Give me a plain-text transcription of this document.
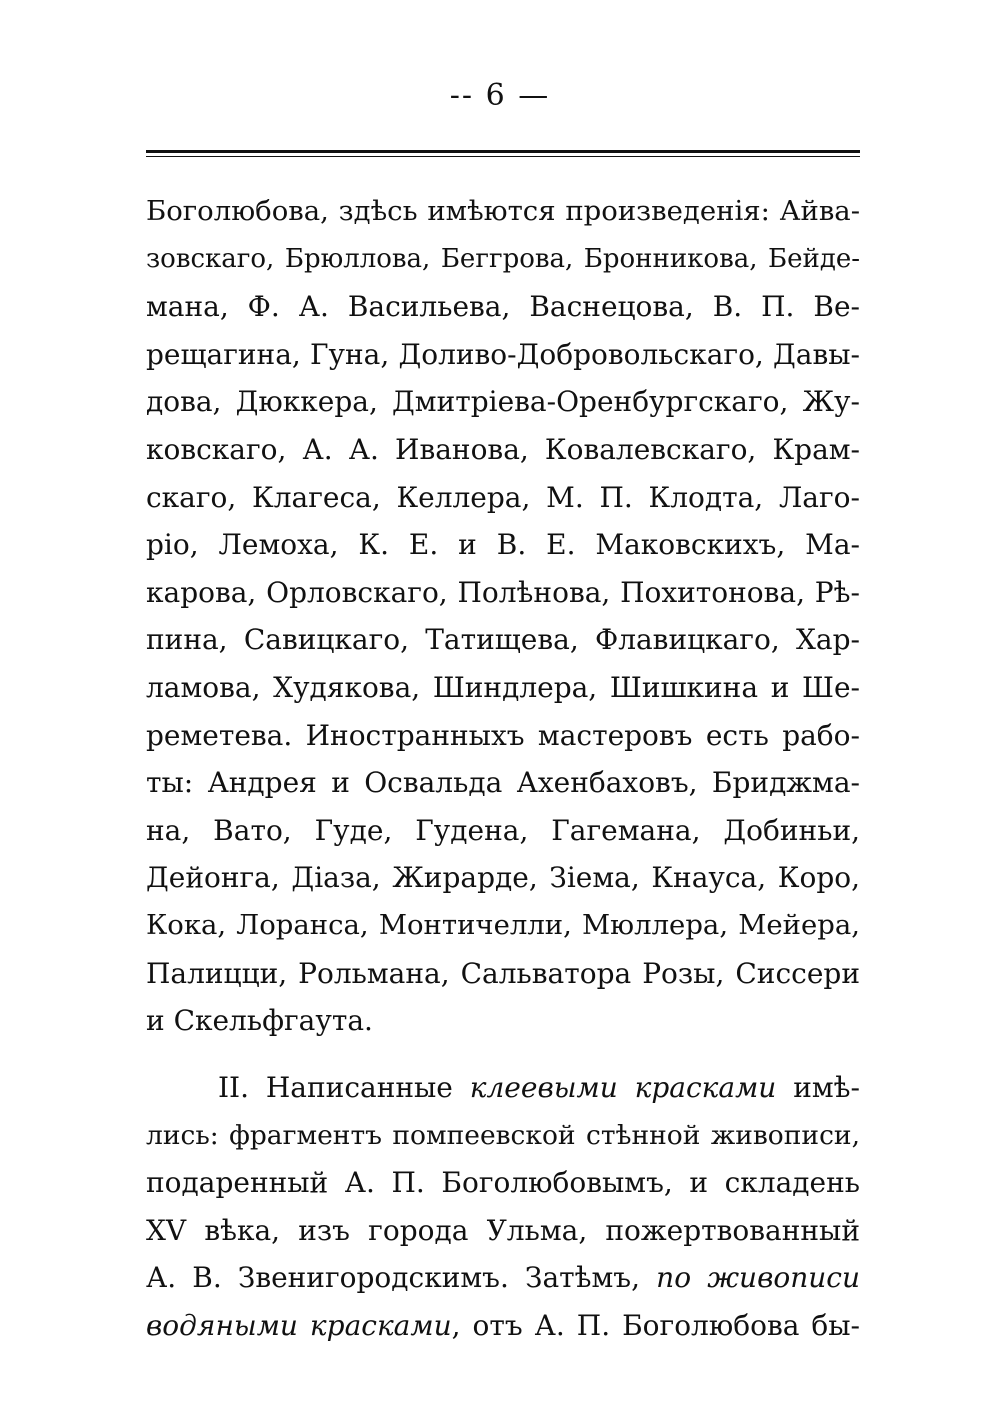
-- 6 —
Боголюбова, здѣсь имѣются произведенія: Айва-
зовскаго, Брюллова, Беггрова, Бронникова, Бейде-
мана, Ф. А. Васильева, Васнецова, В. П. Ве-
рещагина, Гуна, Доливо-Добровольскаго, Давы-
дова, Дюккера, Дмитріева-Оренбургскаго, Жу-
ковскаго, А. А. Иванова, Ковалевскаго, Крам-
скаго, Клагеса, Келлера, М. П. Клодта, Лаго-
ріо, Лемоха, К. Е. и В. Е. Маковскихъ, Ма-
карова, Орловскаго, Полѣнова, Похитонова, Рѣ-
пина, Савицкаго, Татищева, Флавицкаго, Хар-
ламова, Худякова, Шиндлера, Шишкина и Ше-
реметева. Иностранныхъ мастеровъ есть рабо-
ты: Андрея и Освальда Ахенбаховъ, Бриджма-
на, Вато, Гуде, Гудена, Гагемана, Добиньи,
Дейонга, Діаза, Жирарде, Зіема, Кнауса, Коро,
Кока, Лоранса, Монтичелли, Мюллера, Мейера,
Палицци, Рольмана, Сальватора Розы, Сиссери
и Скельфгаута.
II. Написанные клеевыми красками имѣ-
лись: фрагментъ помпеевской стѣнной живописи,
подаренный А. П. Боголюбовымъ, и складень
XV вѣка, изъ города Ульма, пожертвованный
А. В. Звенигородскимъ. Затѣмъ, по живописи
водяными красками, отъ А. П. Боголюбова бы-
